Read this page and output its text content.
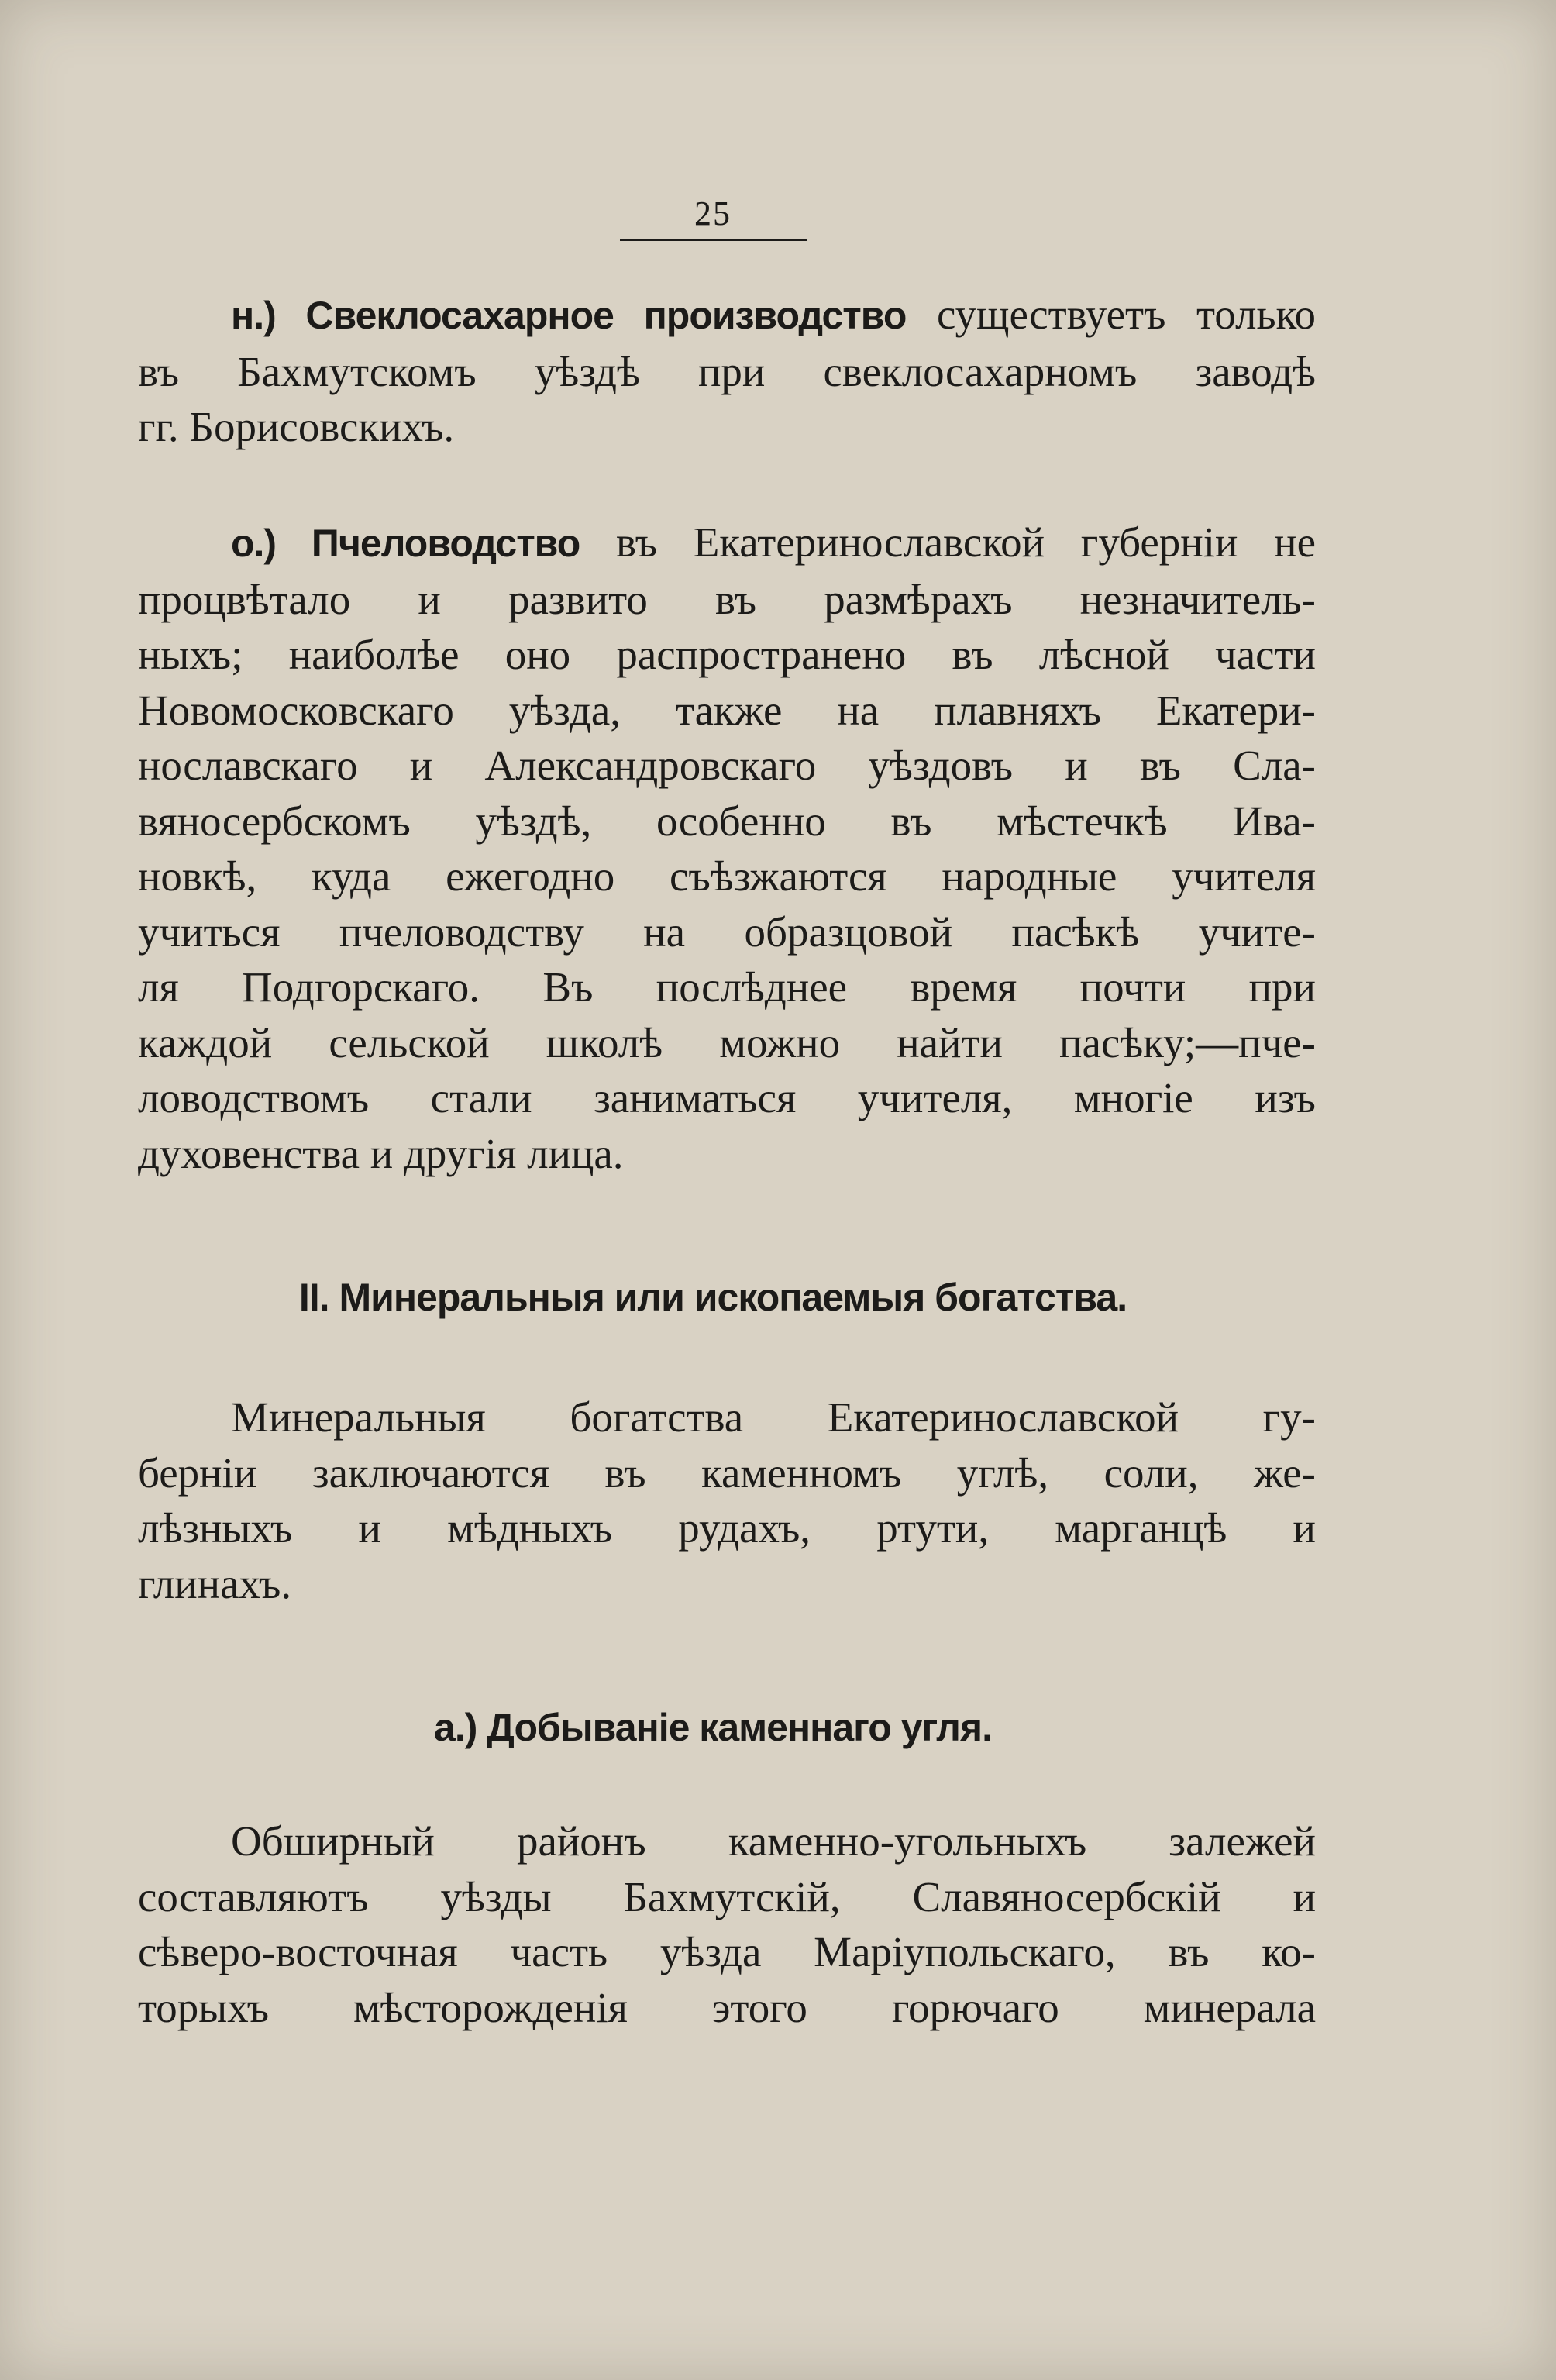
25
н.) Свеклосахарное производство существуетъ только
въ Бахмутскомъ уѣздѣ при свеклосахарномъ заводѣ
гг. Борисовскихъ.
о.) Пчеловодство въ Екатеринославской губерніи не
процвѣтало и развито въ размѣрахъ незначитель-
ныхъ; наиболѣе оно распространено въ лѣсной части
Новомосковскаго уѣзда, также на плавняхъ Екатери-
нославскаго и Александровскаго уѣздовъ и въ Сла-
вяносербскомъ уѣздѣ, особенно въ мѣстечкѣ Ива-
новкѣ, куда ежегодно съѣзжаются народные учителя
учиться пчеловодству на образцовой пасѣкѣ учите-
ля Подгорскаго. Въ послѣднее время почти при
каждой сельской школѣ можно найти пасѣку;—пче-
ловодствомъ стали заниматься учителя, многіе изъ
духовенства и другія лица.
II. Минеральныя или ископаемыя богатства.
Минеральныя богатства Екатеринославской гу-
берніи заключаются въ каменномъ углѣ, соли, же-
лѣзныхъ и мѣдныхъ рудахъ, ртути, марганцѣ и
глинахъ.
а.) Добываніе каменнаго угля.
Обширный районъ каменно-угольныхъ залежей
составляютъ уѣзды Бахмутскій, Славяносербскій и
сѣверо-восточная часть уѣзда Маріупольскаго, въ ко-
торыхъ мѣсторожденія этого горючаго минерала
